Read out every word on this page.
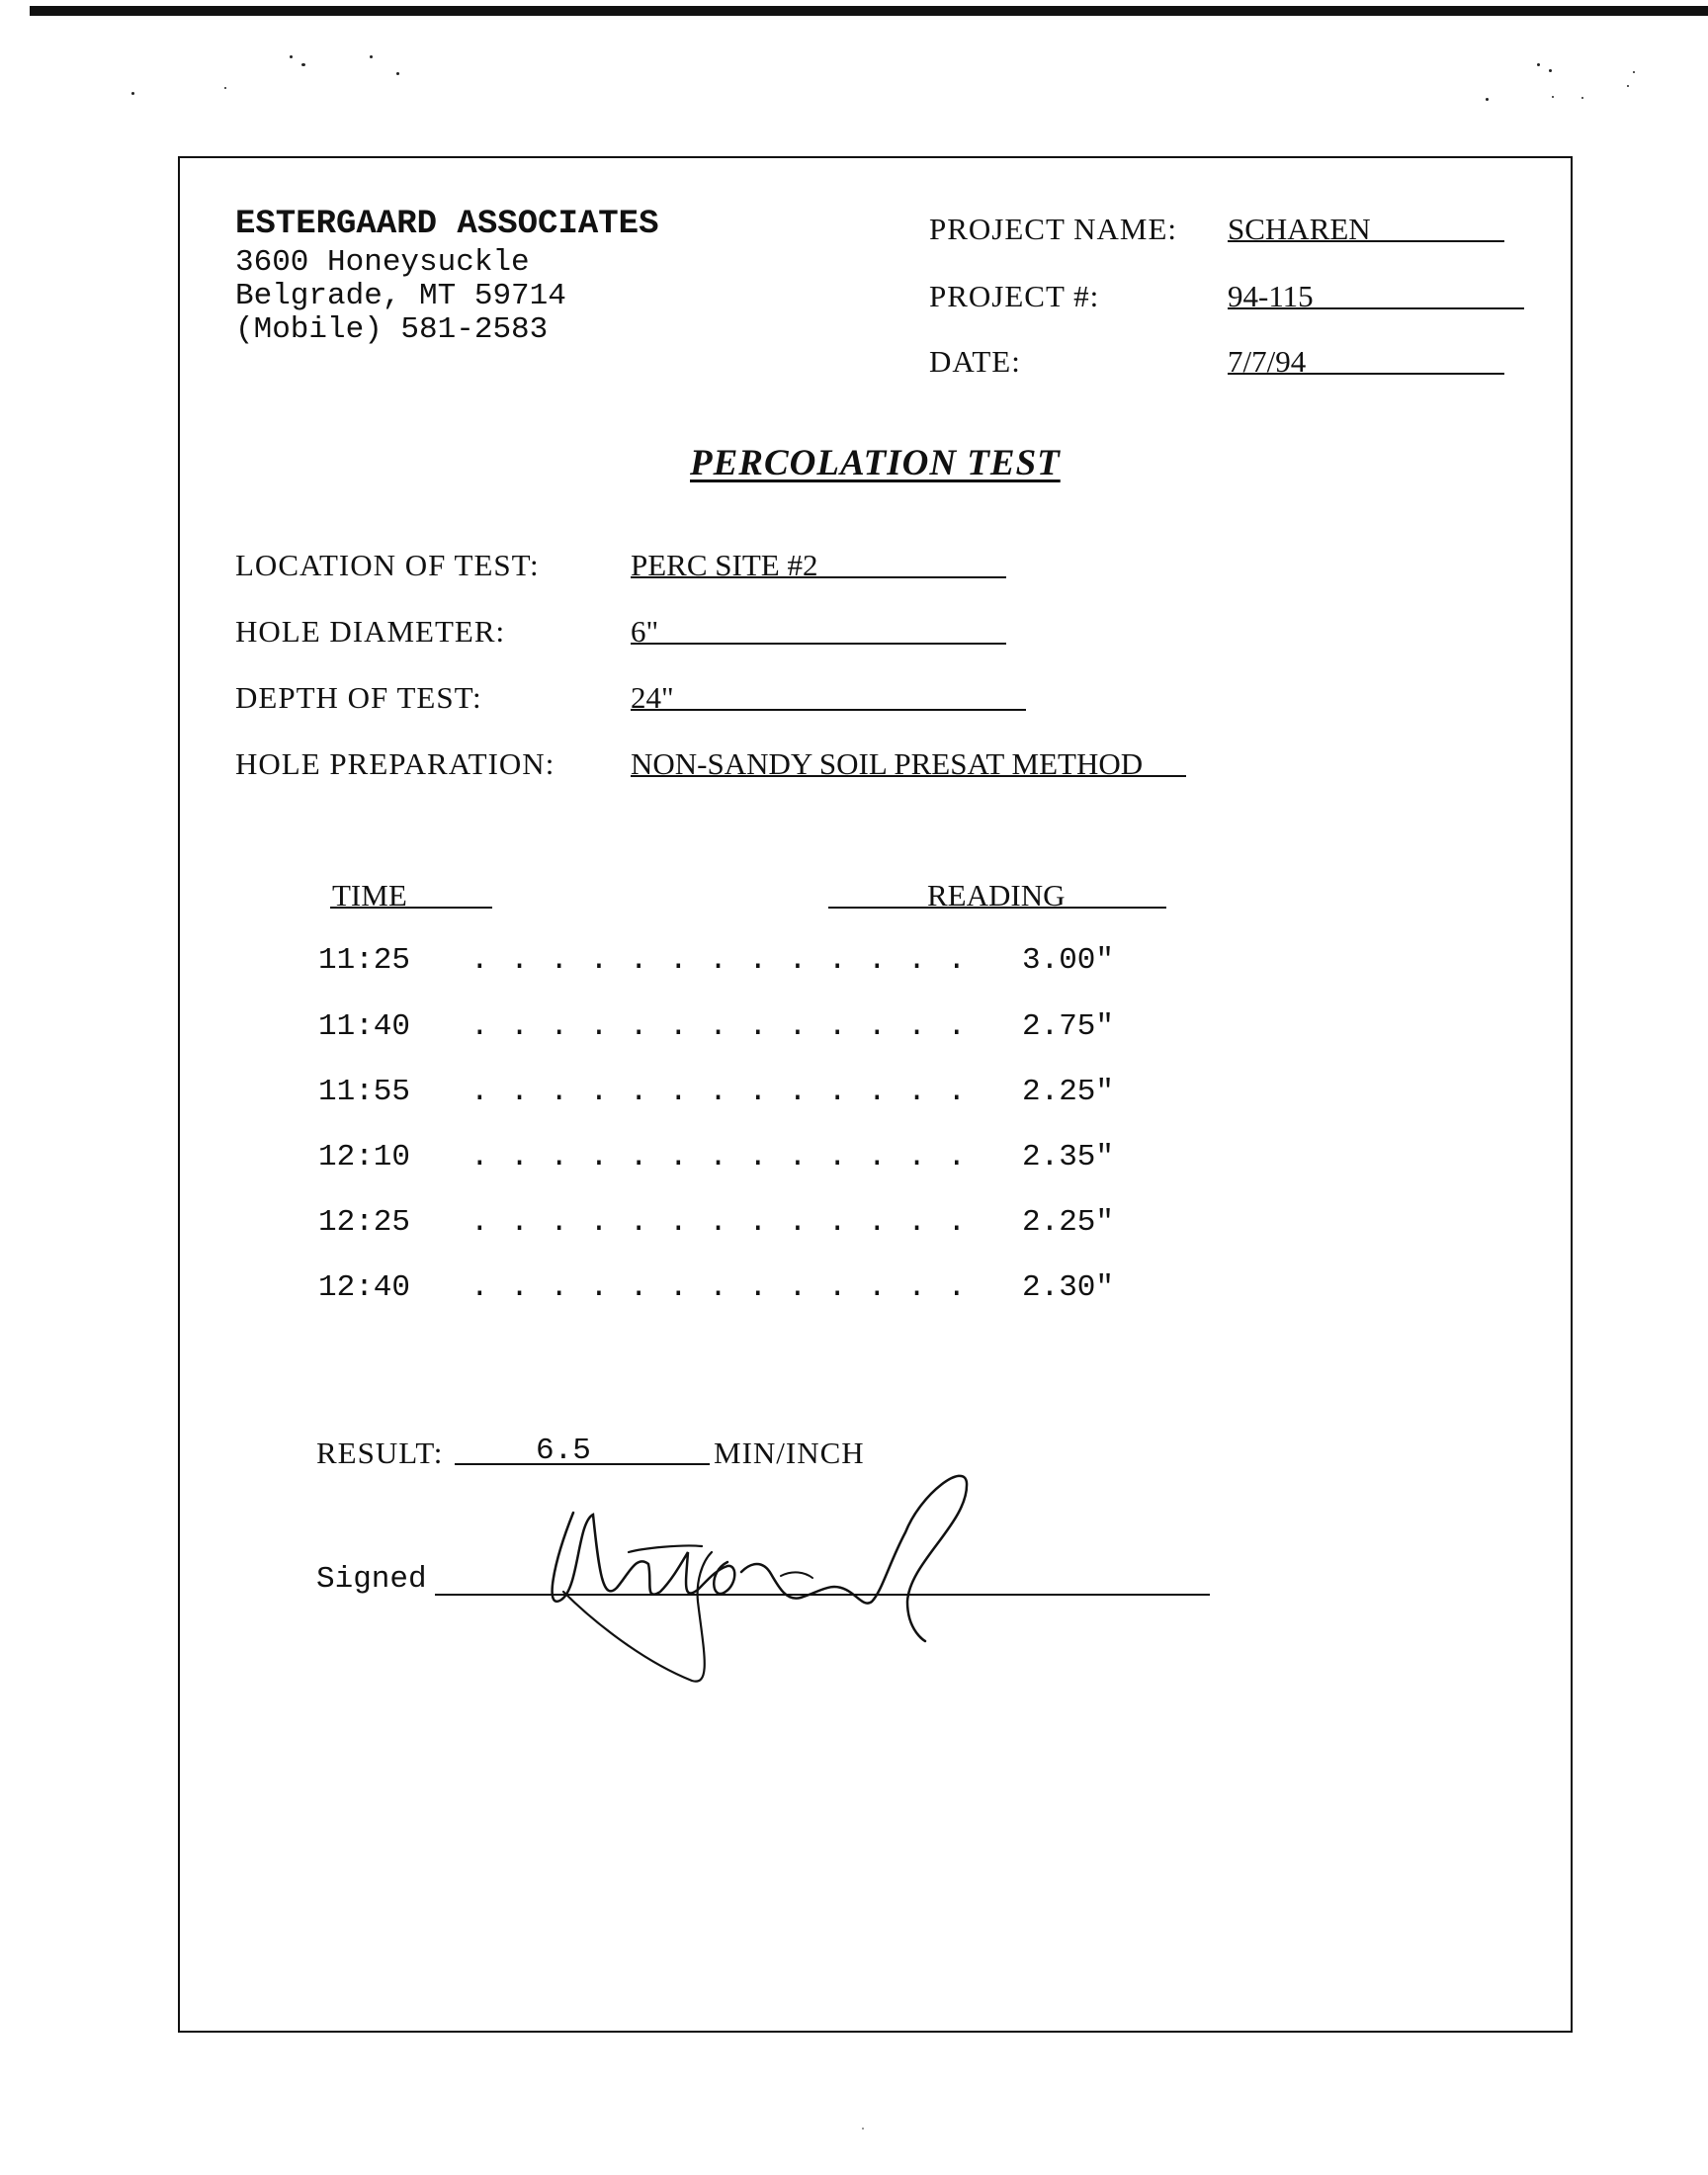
ESTERGAARD ASSOCIATES
3600 Honeysuckle
Belgrade, MT 59714
(Mobile) 581-2583
PROJECT NAME: SCHAREN
PROJECT #:	94-115
DATE:	7/7/94
PERCOLATION TEST
LOCATION OF TEST:	PERC SITE #2
HOLE DIAMETER:	6"
DEPTH OF TEST:	24"
HOLE PREPARATION: NON-SANDY SOIL PRESAT METHOD
TIME	READING
11:25 . . . . . . . . . . . . . 3.00"
11:40 . . . . . . . . . . . . . 2.75"
11:55 . . . . . . . . . . . . . 2.25"
12:10 . . . . . . . . . . . . . 2.35"
12:25 . . . . . . . . . . . . . 2.25"
12:40 . . . . . . . . . . . . . 2.30"
RESULT:	6.5	MIN/INCH
Signed
